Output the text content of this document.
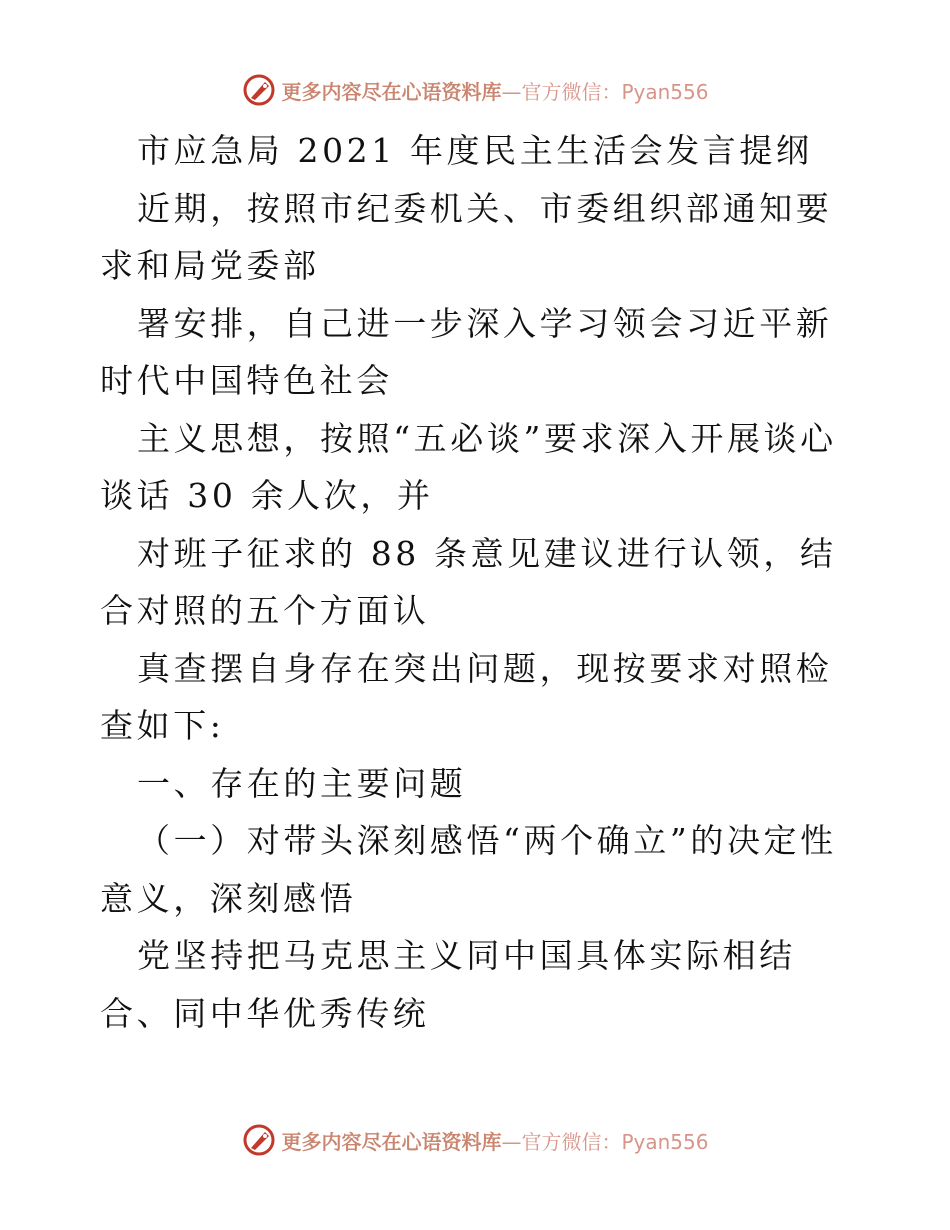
更多内容尽在心语资料库 —官方微信：Pyan556

市应急局 2021 年度民主生活会发言提纲

近期，按照市纪委机关、市委组织部通知要求和局党委部

署安排，自己进一步深入学习领会习近平新时代中国特色社会

主义思想，按照“五必谈”要求深入开展谈心谈话 30 余人次，并

对班子征求的 88 条意见建议进行认领，结合对照的五个方面认

真查摆自身存在突出问题，现按要求对照检查如下:

一、存在的主要问题

（一）对带头深刻感悟“两个确立”的决定性意义，深刻感悟

党坚持把马克思主义同中国具体实际相结合、同中华优秀传统

更多内容尽在心语资料库 —官方微信：Pyan556
